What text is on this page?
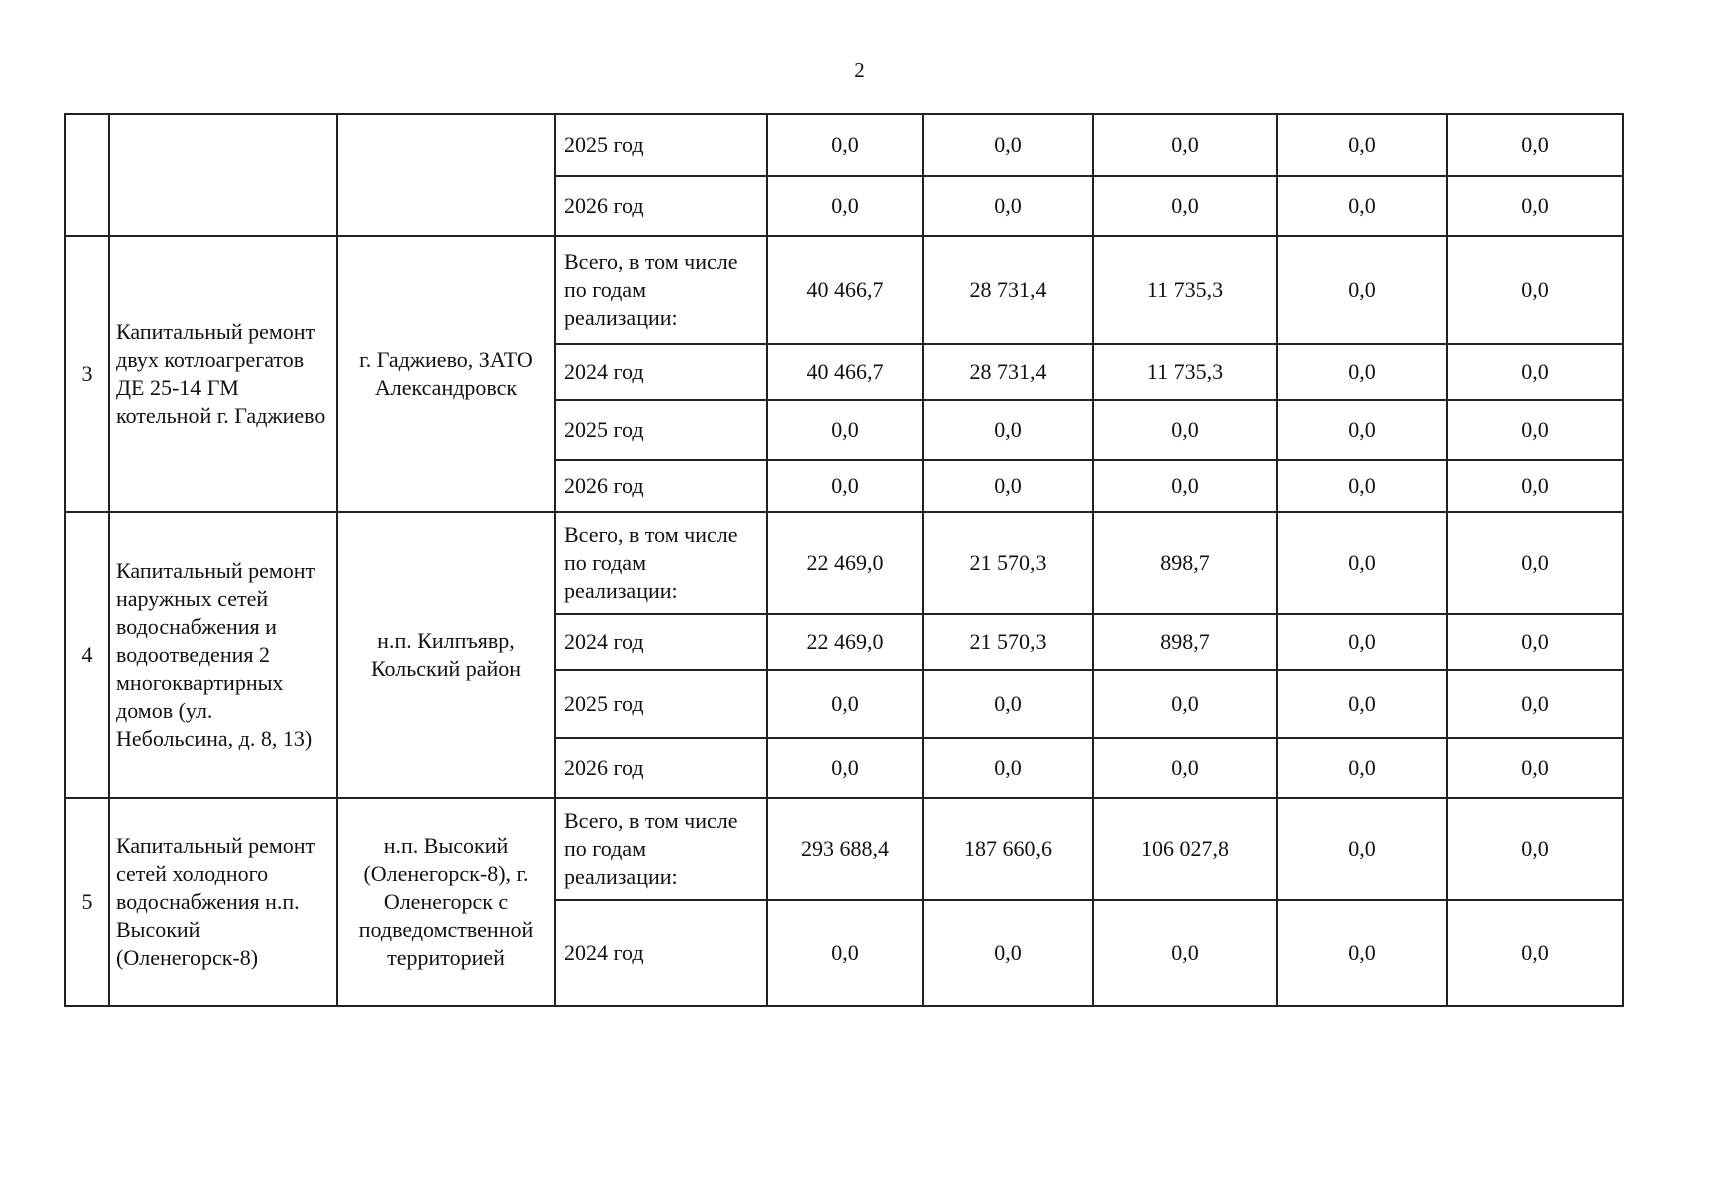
2
			2025 год	0,0	0,0	0,0	0,0	0,0
			2026 год	0,0	0,0	0,0	0,0	0,0
3	Капитальный ремонт двух котлоагрегатов ДЕ 25-14 ГМ котельной г. Гаджиево	г. Гаджиево, ЗАТО Александровск	Всего, в том числе по годам реализации:	40 466,7	28 731,4	11 735,3	0,0	0,0
			2024 год	40 466,7	28 731,4	11 735,3	0,0	0,0
			2025 год	0,0	0,0	0,0	0,0	0,0
			2026 год	0,0	0,0	0,0	0,0	0,0
4	Капитальный ремонт наружных сетей водоснабжения и водоотведения 2 многоквартирных домов (ул. Небольсина, д. 8, 13)	н.п. Килпъявр, Кольский район	Всего, в том числе по годам реализации:	22 469,0	21 570,3	898,7	0,0	0,0
			2024 год	22 469,0	21 570,3	898,7	0,0	0,0
			2025 год	0,0	0,0	0,0	0,0	0,0
			2026 год	0,0	0,0	0,0	0,0	0,0
5	Капитальный ремонт сетей холодного водоснабжения н.п. Высокий (Оленегорск-8)	н.п. Высокий (Оленегорск-8), г. Оленегорск с подведомственной территорией	Всего, в том числе по годам реализации:	293 688,4	187 660,6	106 027,8	0,0	0,0
			2024 год	0,0	0,0	0,0	0,0	0,0
